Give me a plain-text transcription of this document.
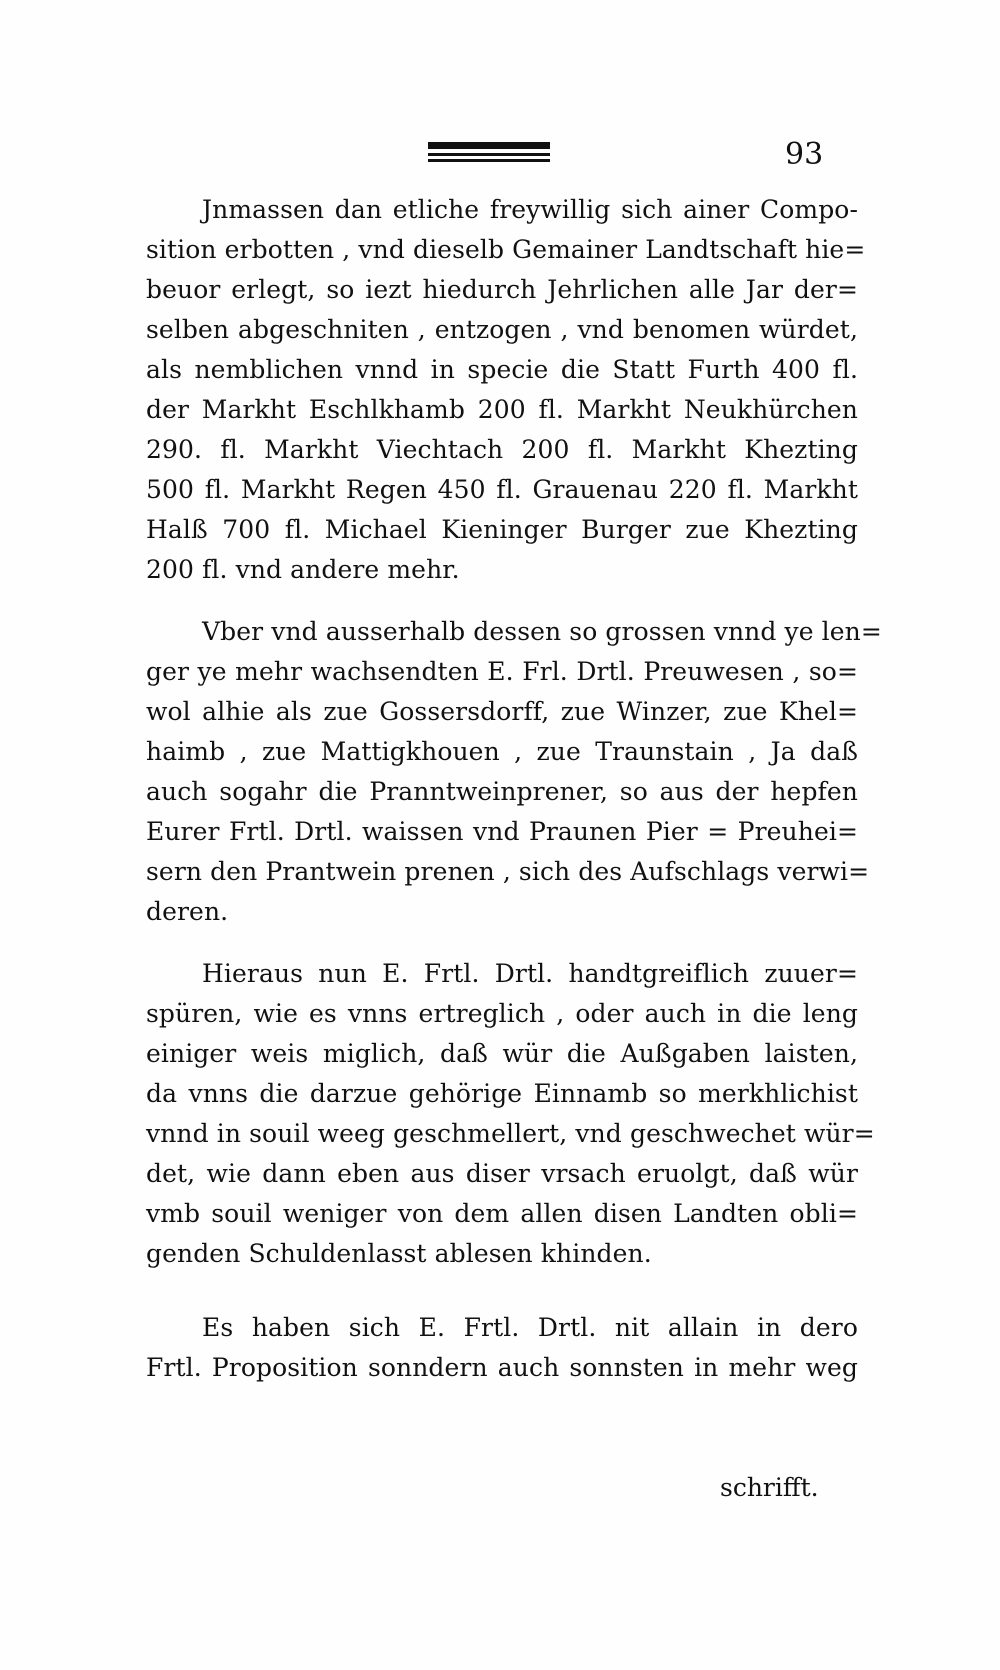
93
Jnmassen dan etliche freywillig sich ainer Compo-
sition erbotten , vnd dieselb Gemainer Landtschaft hie=
beuor erlegt, so iezt hiedurch Jehrlichen alle Jar der=
selben abgeschniten , entzogen , vnd benomen würdet,
als nemblichen vnnd in specie die Statt Furth 400 fl.
der Markht Eschlkhamb 200 fl. Markht Neukhürchen
290. fl. Markht Viechtach 200 fl. Markht Khezting
500 fl. Markht Regen 450 fl. Grauenau 220 fl. Markht
Halß 700 fl. Michael Kieninger Burger zue Khezting
200 fl. vnd andere mehr.
Vber vnd ausserhalb dessen so grossen vnnd ye len=
ger ye mehr wachsendten E. Frl. Drtl. Preuwesen , so=
wol alhie als zue Gossersdorff, zue Winzer, zue Khel=
haimb , zue Mattigkhouen , zue Traunstain , Ja daß
auch sogahr die Pranntweinprener, so aus der hepfen
Eurer Frtl. Drtl. waissen vnd Praunen Pier = Preuhei=
sern den Prantwein prenen , sich des Aufschlags verwi=
deren.
Hieraus nun E. Frtl. Drtl. handtgreiflich zuuer=
spüren, wie es vnns ertreglich , oder auch in die leng
einiger weis miglich, daß wür die Außgaben laisten,
da vnns die darzue gehörige Einnamb so merkhlichist
vnnd in souil weeg geschmellert, vnd geschwechet wür=
det, wie dann eben aus diser vrsach eruolgt, daß wür
vmb souil weniger von dem allen disen Landten obli=
genden Schuldenlasst ablesen khinden.
Es haben sich E. Frtl. Drtl. nit allain in dero
Frtl. Proposition sonndern auch sonnsten in mehr weg
schrifft.
